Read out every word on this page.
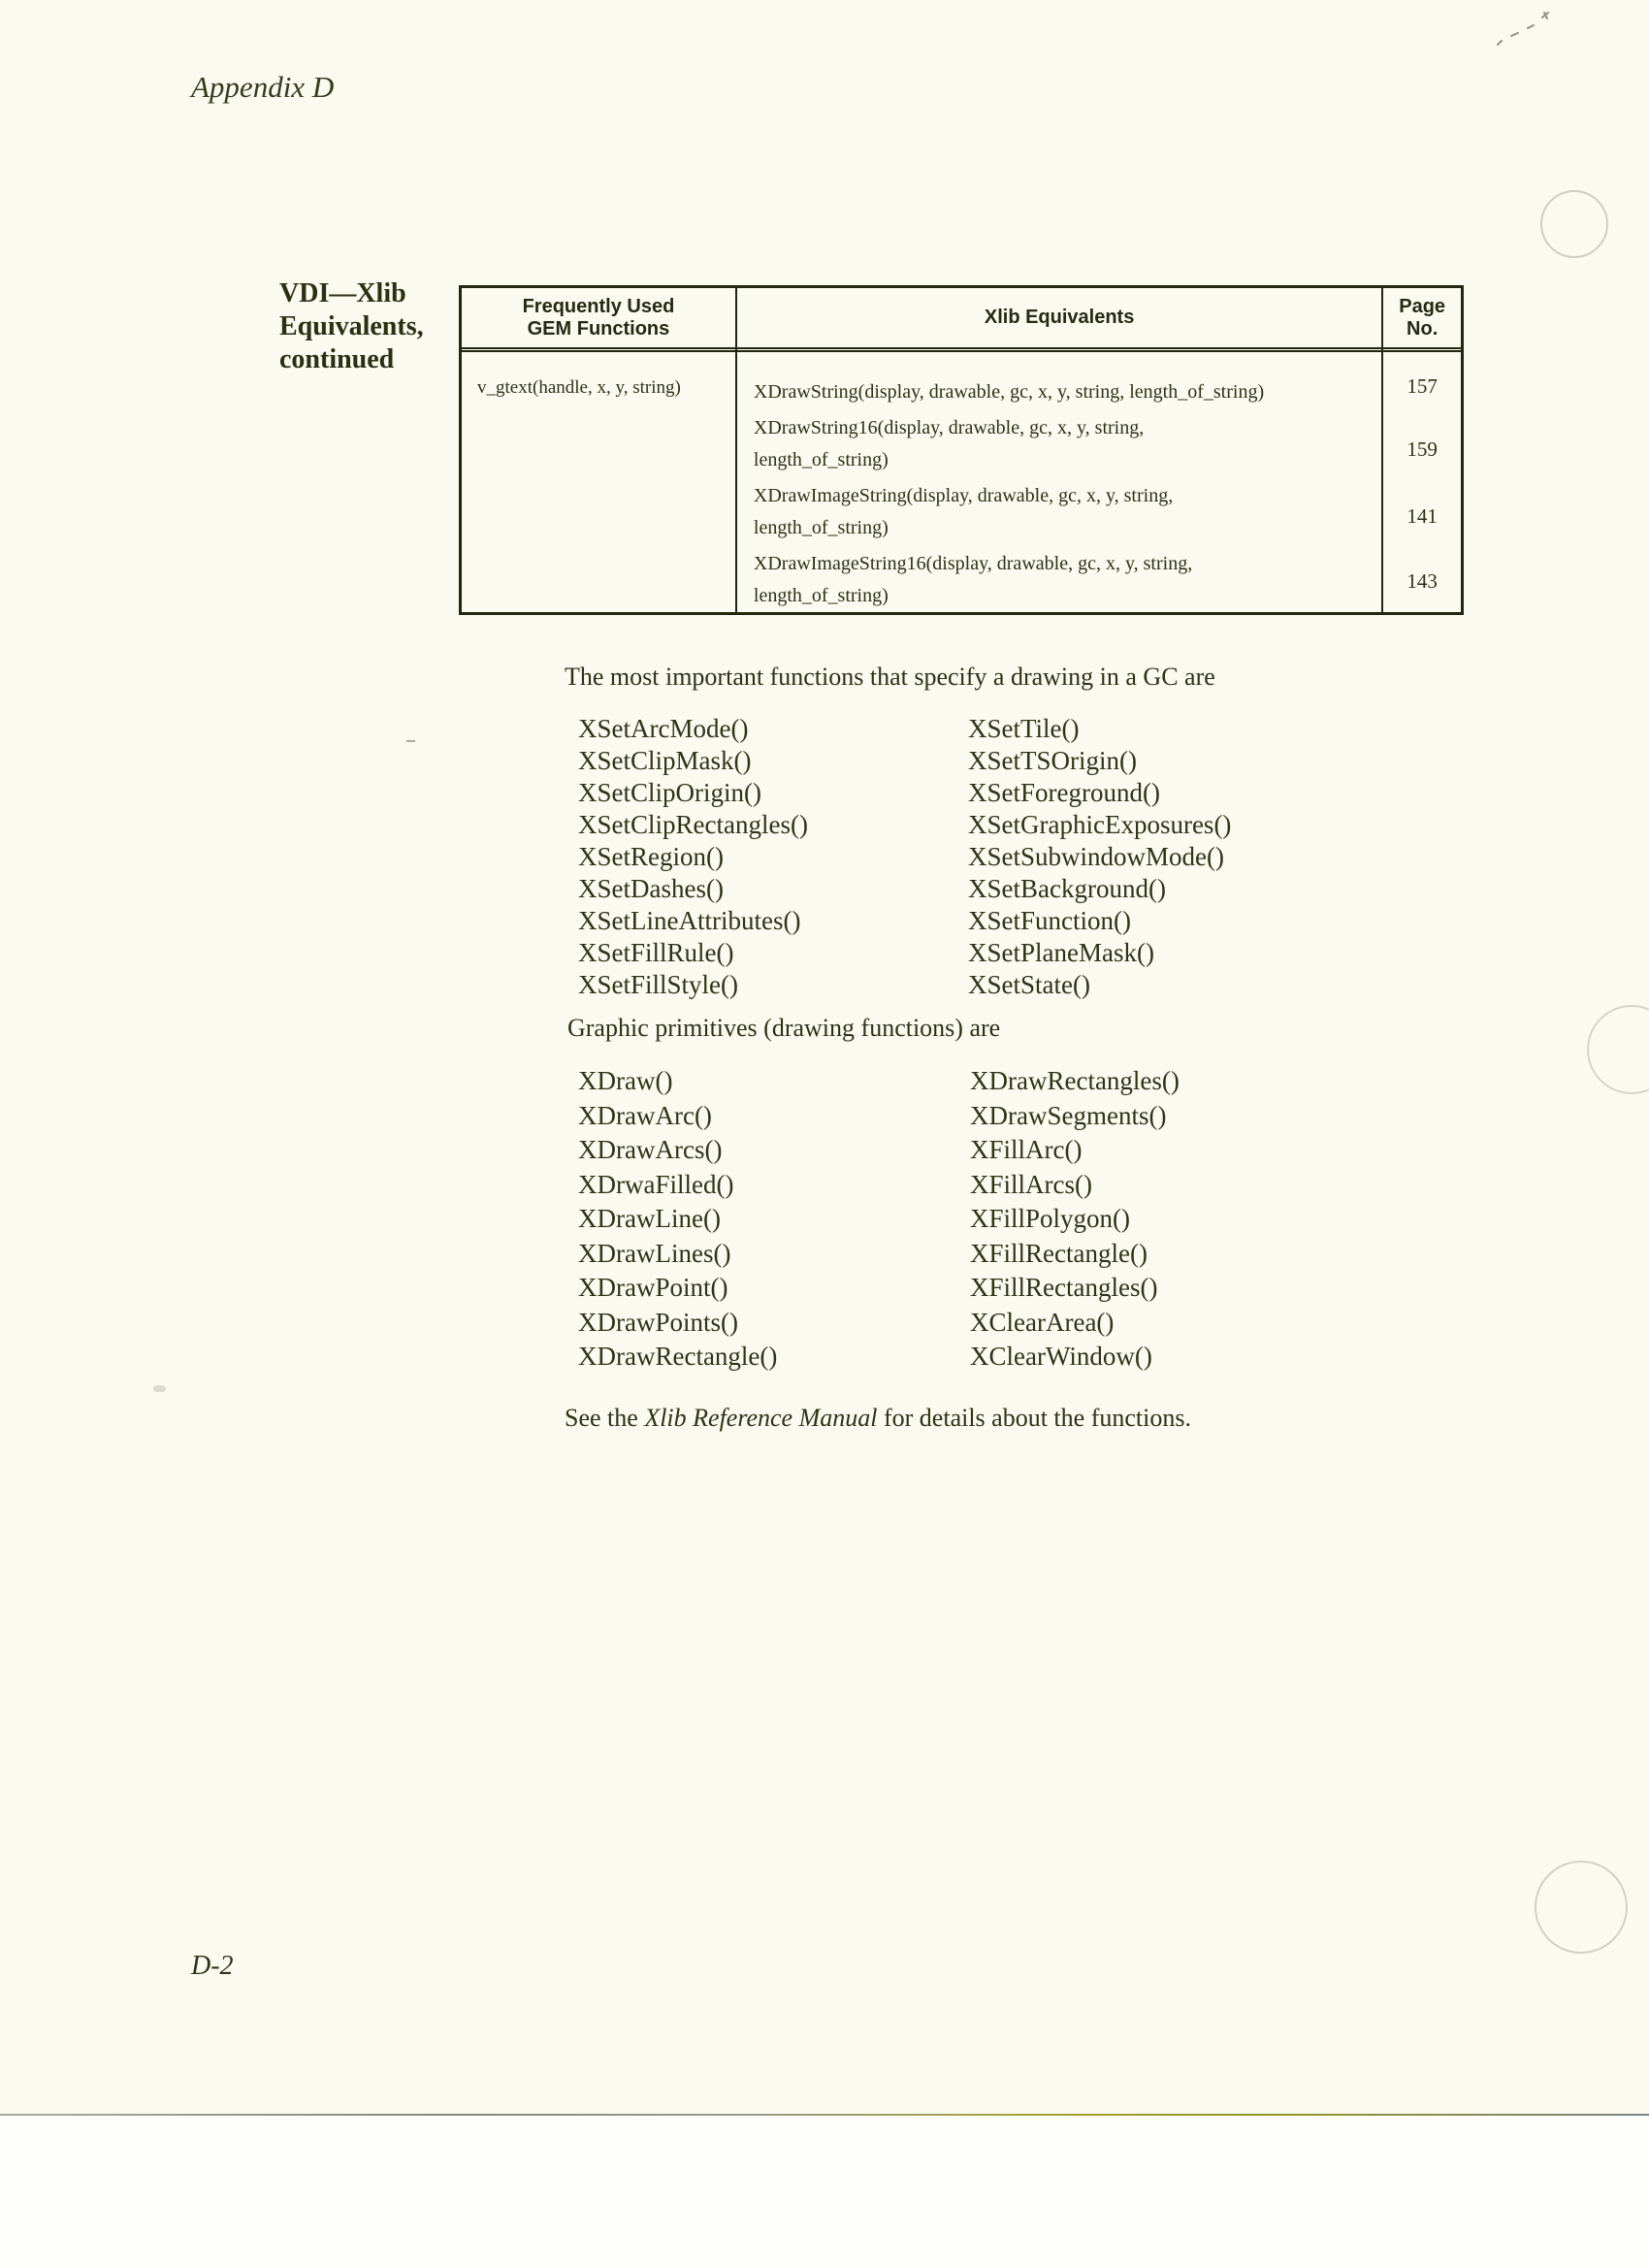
Appendix D
VDI—Xlib
Equivalents,
continued
Frequently Used
GEM Functions
v_gtext(handle, x, y, string)
Xlib Equivalents
XDrawString(display, drawable, gc, x, y, string, length_of_string)
XDrawString16(display, drawable, gc, x, y, string,
length_of_string)
XDrawImageString(display, drawable, gc, x, y, string,
length_of_string)
XDrawImageString16(display, drawable, gc, x, y, string,
length_of_string)
Page
No.
157
159
141
143
The most important functions that specify a drawing in a GC are
XSetArcMode()
XSetClipMask()
XSetClipOrigin()
XSetClipRectangles()
XSetRegion()
XSetDashes()
XSetLineAttributes()
XSetFillRule()
XSetFillStyle()
XSetTile()
XSetTSOrigin()
XSetForeground()
XSetGraphicExposures()
XSetSubwindowMode()
XSetBackground()
XSetFunction()
XSetPlaneMask()
XSetState()
Graphic primitives (drawing functions) are
XDraw()
XDrawArc()
XDrawArcs()
XDrwaFilled()
XDrawLine()
XDrawLines()
XDrawPoint()
XDrawPoints()
XDrawRectangle()
XDrawRectangles()
XDrawSegments()
XFillArc()
XFillArcs()
XFillPolygon()
XFillRectangle()
XFillRectangles()
XClearArea()
XClearWindow()
See the Xlib Reference Manual for details about the functions.
D-2
